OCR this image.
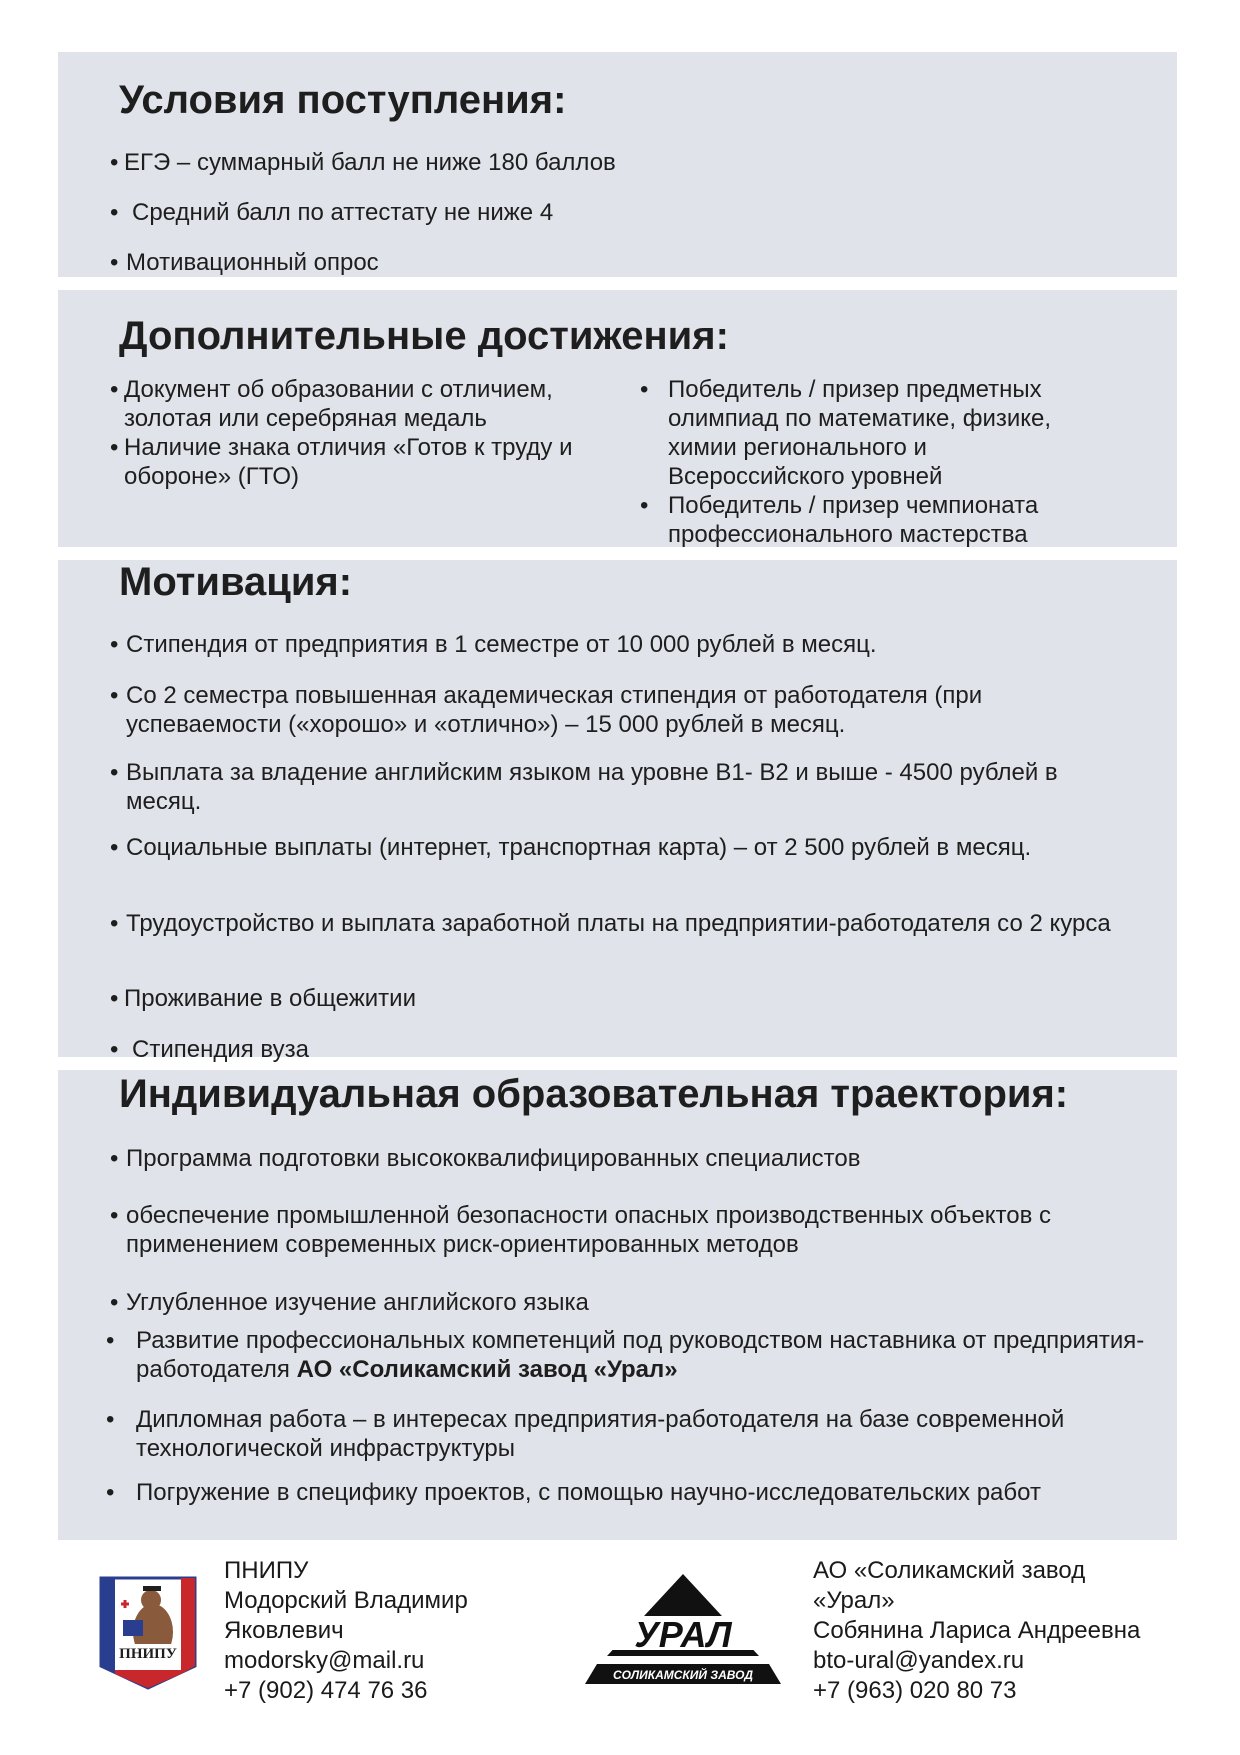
Условия поступления:
• ЕГЭ – суммарный балл не ниже 180 баллов
• Средний балл по аттестату не ниже 4
• Мотивационный опрос
Дополнительные достижения:
• Документ об образовании с отличием, золотая или серебряная медаль
• Наличие знака отличия «Готов к труду и обороне» (ГТО)
• Победитель / призер предметных олимпиад по математике, физике, химии регионального и Всероссийского уровней
• Победитель / призер чемпионата профессионального мастерства
Мотивация:
• Стипендия от предприятия в 1 семестре от 10 000 рублей в месяц.
• Со 2 семестра повышенная академическая стипендия от работодателя (при успеваемости («хорошо» и «отлично») – 15 000 рублей в месяц.
• Выплата за владение английским языком на уровне В1- В2 и выше - 4500 рублей в месяц.
• Социальные выплаты (интернет, транспортная карта) – от 2 500 рублей в месяц.
• Трудоустройство и выплата заработной платы на предприятии-работодателя со 2 курса
• Проживание в общежитии
• Стипендия вуза
Индивидуальная образовательная траектория:
• Программа подготовки высококвалифицированных специалистов
• обеспечение промышленной безопасности опасных производственных объектов с применением современных риск-ориентированных методов
• Углубленное изучение английского языка
• Развитие профессиональных компетенций под руководством наставника от предприятия-работодателя АО «Соликамский завод «Урал»
• Дипломная работа – в интересах предприятия-работодателя на базе современной технологической инфраструктуры
• Погружение в специфику проектов, с помощью научно-исследовательских работ
ПНИПУ
ПНИПУ
Модорский Владимир
Яковлевич
modorsky@mail.ru
+7 (902) 474 76 36
УРАЛ
СОЛИКАМСКИЙ ЗАВОД
АО «Соликамский завод
«Урал»
Собянина Лариса Андреевна
bto-ural@yandex.ru
+7 (963) 020 80 73
